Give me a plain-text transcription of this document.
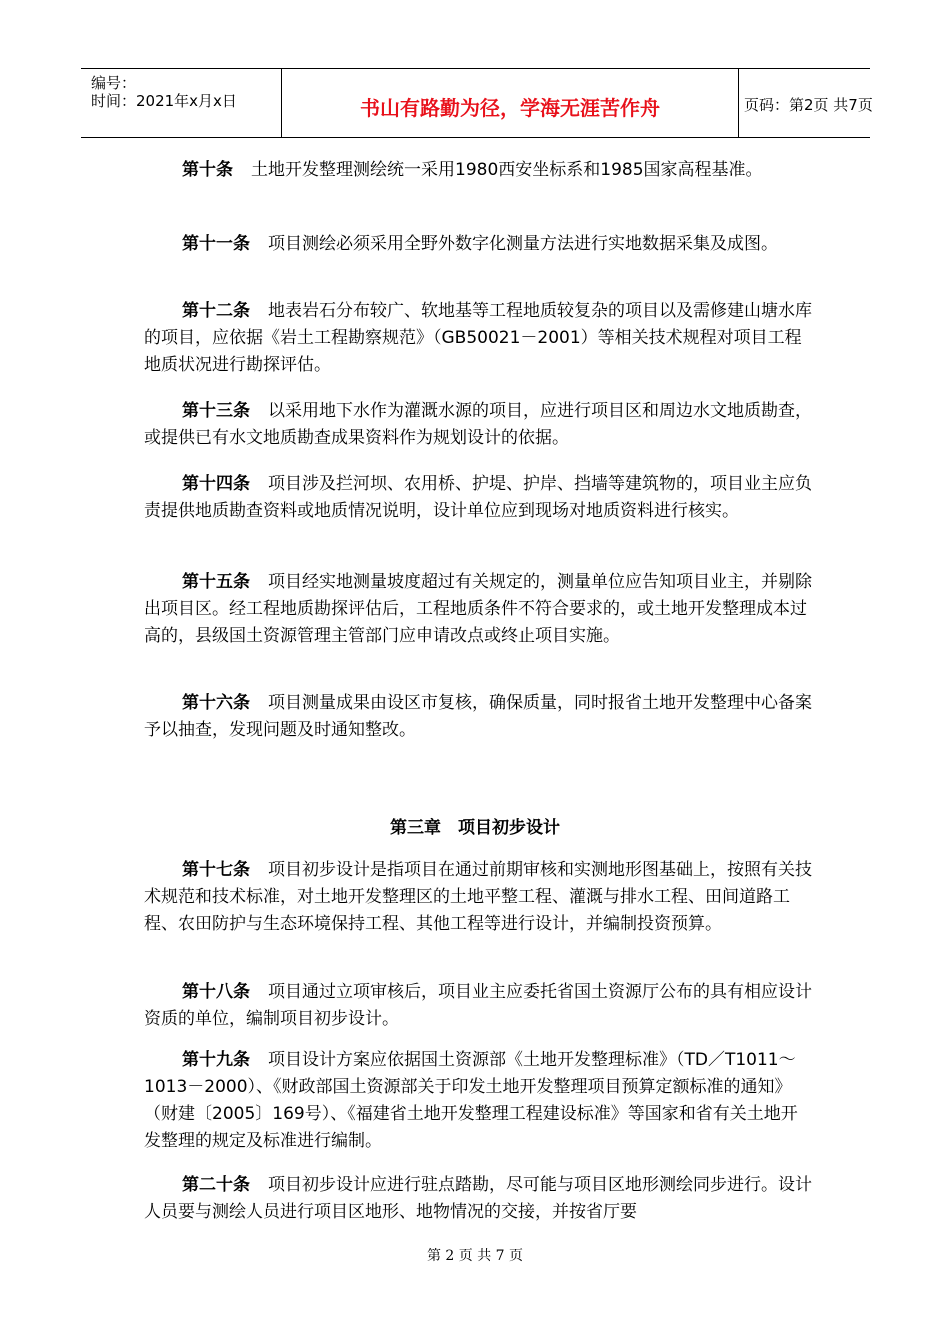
编号：
时间：2021年x月x日	书山有路勤为径，学海无涯苦作舟	页码：第2页 共7页

第十条 土地开发整理测绘统一采用1980西安坐标系和1985国家高程基准。

第十一条 项目测绘必须采用全野外数字化测量方法进行实地数据采集及成图。

第十二条 地表岩石分布较广、软地基等工程地质较复杂的项目以及需修建山塘水库的项目，应依据《岩土工程勘察规范》（GB50021－2001）等相关技术规程对项目工程地质状况进行勘探评估。

第十三条 以采用地下水作为灌溉水源的项目，应进行项目区和周边水文地质勘查，或提供已有水文地质勘查成果资料作为规划设计的依据。

第十四条 项目涉及拦河坝、农用桥、护堤、护岸、挡墙等建筑物的，项目业主应负责提供地质勘查资料或地质情况说明，设计单位应到现场对地质资料进行核实。

第十五条 项目经实地测量坡度超过有关规定的，测量单位应告知项目业主，并剔除出项目区。经工程地质勘探评估后，工程地质条件不符合要求的，或土地开发整理成本过高的，县级国土资源管理主管部门应申请改点或终止项目实施。

第十六条 项目测量成果由设区市复核，确保质量，同时报省土地开发整理中心备案予以抽查，发现问题及时通知整改。

第三章　项目初步设计

第十七条 项目初步设计是指项目在通过前期审核和实测地形图基础上，按照有关技术规范和技术标准，对土地开发整理区的土地平整工程、灌溉与排水工程、田间道路工程、农田防护与生态环境保持工程、其他工程等进行设计，并编制投资预算。

第十八条 项目通过立项审核后，项目业主应委托省国土资源厅公布的具有相应设计资质的单位，编制项目初步设计。

第十九条 项目设计方案应依据国土资源部《土地开发整理标准》（TD／T1011～1013－2000）、《财政部国土资源部关于印发土地开发整理项目预算定额标准的通知》（财建〔2005〕169号）、《福建省土地开发整理工程建设标准》等国家和省有关土地开发整理的规定及标准进行编制。

第二十条 项目初步设计应进行驻点踏勘，尽可能与项目区地形测绘同步进行。设计人员要与测绘人员进行项目区地形、地物情况的交接，并按省厅要

第 2 页 共 7 页
